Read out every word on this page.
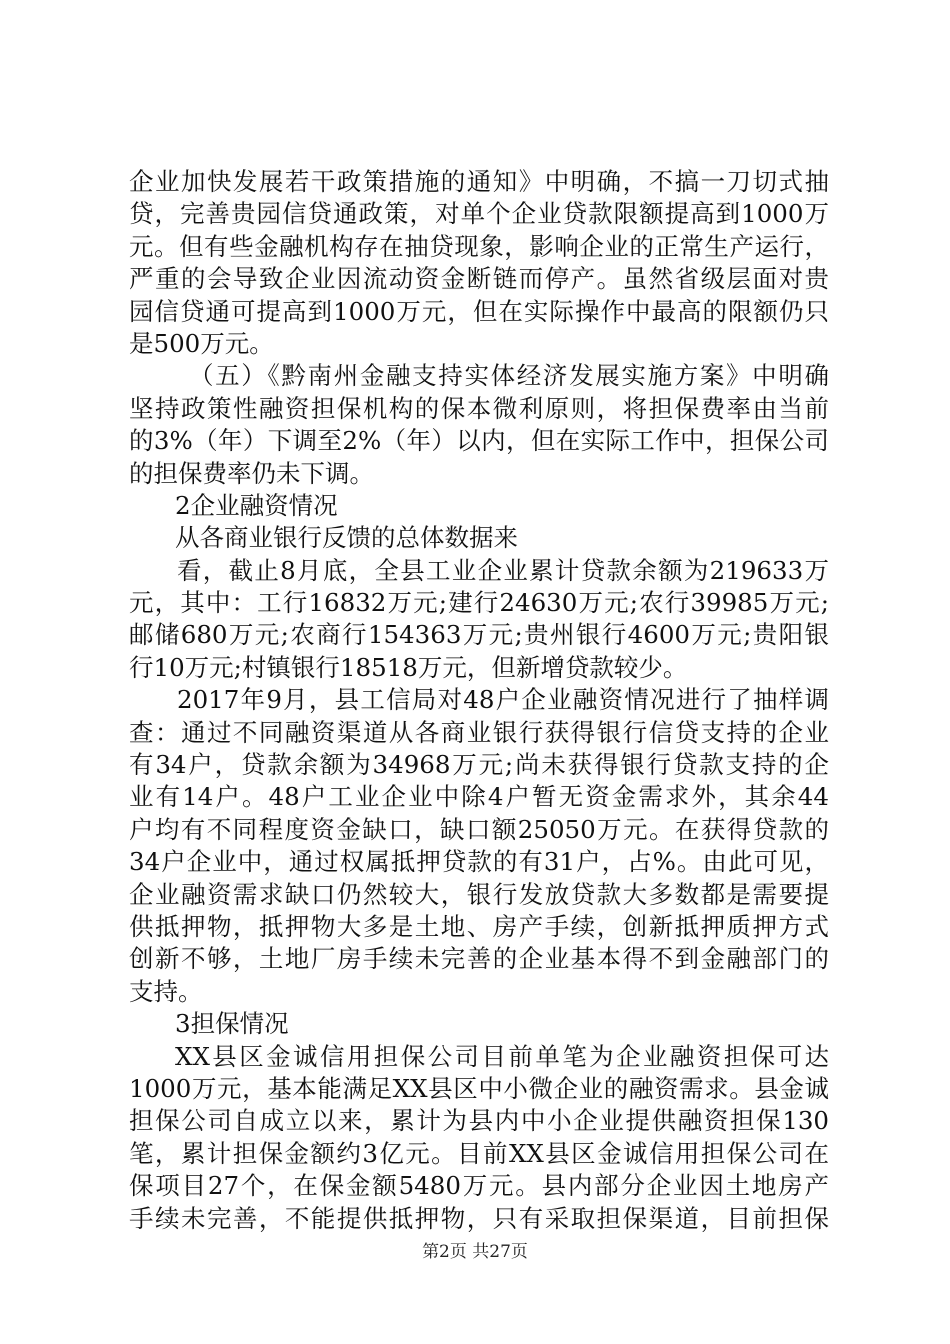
企业加快发展若干政策措施的通知》中明确，不搞一刀切式抽
贷，完善贵园信贷通政策，对单个企业贷款限额提高到1000万
元。但有些金融机构存在抽贷现象，影响企业的正常生产运行，
严重的会导致企业因流动资金断链而停产。虽然省级层面对贵
园信贷通可提高到1000万元，但在实际操作中最高的限额仍只
是500万元。
（五）《黔南州金融支持实体经济发展实施方案》中明确
坚持政策性融资担保机构的保本微利原则，将担保费率由当前
的3%（年）下调至2%（年）以内，但在实际工作中，担保公司
的担保费率仍未下调。
2企业融资情况
从各商业银行反馈的总体数据来
看，截止8月底，全县工业企业累计贷款余额为219633万
元，其中：工行16832万元;建行24630万元;农行39985万元;
邮储680万元;农商行154363万元;贵州银行4600万元;贵阳银
行10万元;村镇银行18518万元，但新增贷款较少。
2017年9月，县工信局对48户企业融资情况进行了抽样调
查：通过不同融资渠道从各商业银行获得银行信贷支持的企业
有34户，贷款余额为34968万元;尚未获得银行贷款支持的企
业有14户。48户工业企业中除4户暂无资金需求外，其余44
户均有不同程度资金缺口，缺口额25050万元。在获得贷款的
34户企业中，通过权属抵押贷款的有31户，占%。由此可见，
企业融资需求缺口仍然较大，银行发放贷款大多数都是需要提
供抵押物，抵押物大多是土地、房产手续，创新抵押质押方式
创新不够，土地厂房手续未完善的企业基本得不到金融部门的
支持。
3担保情况
XX县区金诚信用担保公司目前单笔为企业融资担保可达
1000万元，基本能满足XX县区中小微企业的融资需求。县金诚
担保公司自成立以来，累计为县内中小企业提供融资担保130
笔，累计担保金额约3亿元。目前XX县区金诚信用担保公司在
保项目27个，在保金额5480万元。县内部分企业因土地房产
手续未完善，不能提供抵押物，只有采取担保渠道，目前担保
第2页 共27页
